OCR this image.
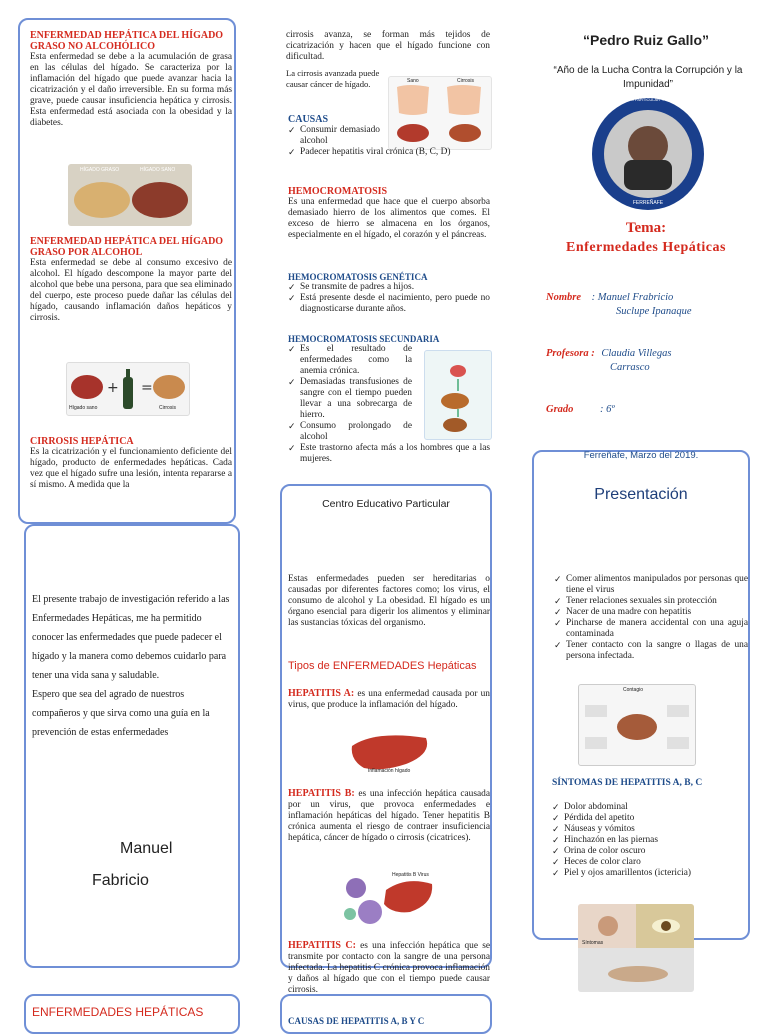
ENFERMEDAD HEPÁTICA DEL HÍGADO GRASO NO ALCOHÓLICO

Esta enfermedad se debe a la acumulación de grasa en las células del hígado. Se caracteriza por la inflamación del hígado que puede avanzar hacia la cicatrización y el daño irreversible. En su forma más grave, puede causar insuficiencia hepática y cirrosis. Esta enfermedad está asociada con la obesidad y la diabetes.

HÍGADO GRASO	HÍGADO SANO
ENFERMEDAD HEPÁTICA DEL HÍGADO GRASO POR ALCOHOL

Esta enfermedad se debe al consumo excesivo de alcohol. El hígado descompone la mayor parte del alcohol que bebe una persona, para que sea eliminado del cuerpo, este proceso puede dañar las células del hígado, causando inflamación daños hepáticos y cirrosis.

+ =
Hígado sano	Cirrosis
CIRROSIS HEPÁTICA

Es la cicatrización y el funcionamiento deficiente del hígado, producto de enfermedades hepáticas. Cada vez que el hígado sufre una lesión, intenta repararse a sí mismo. A medida que la

El presente trabajo de investigación referido a las Enfermedades Hepáticas, me ha permitido conocer las enfermedades que puede padecer el hígado y la manera como debemos cuidarlo para tener una vida sana y saludable.

Espero que sea del agrado de nuestros compañeros y que sirva como una guía en la prevención de estas enfermedades

Manuel
Fabricio
ENFERMEDADES HEPÁTICAS

cirrosis avanza, se forman más tejidos de cicatrización y hacen que el hígado funcione con dificultad.

La cirrosis avanzada puede causar cáncer de hígado.	Sano	Cirrosis
CAUSAS
✓ Consumir demasiado alcohol
✓ Padecer hepatitis viral crónica (B, C, D)
HEMOCROMATOSIS

Es una enfermedad que hace que el cuerpo absorba demasiado hierro de los alimentos que comes. El exceso de hierro se almacena en los órganos, especialmente en el hígado, el corazón y el páncreas.

HEMOCROMATOSIS GENÉTICA
✓ Se transmite de padres a hijos.
✓ Está presente desde el nacimiento, pero puede no diagnosticarse durante años.
HEMOCROMATOSIS SECUNDARIA
✓ Es el resultado de enfermedades como la anemia crónica.
✓ Demasiadas transfusiones de sangre con el tiempo pueden llevar a una sobrecarga de hierro.
✓ Consumo prolongado de alcohol
✓ Este trastorno afecta más a los hombres que a las mujeres.
Centro Educativo Particular

Estas enfermedades pueden ser hereditarias o causadas por diferentes factores como; los virus, el consumo de alcohol y La obesidad. El hígado es un órgano esencial para digerir los alimentos y eliminar las sustancias tóxicas del organismo.

Tipos de ENFERMEDADES Hepáticas

HEPATITIS A: es una enfermedad causada por un virus, que produce la inflamación del hígado.

Inflamación hígado

HEPATITIS B: es una infección hepática causada por un virus, que provoca enfermedades e inflamación hepáticas del hígado. Tener hepatitis B crónica aumenta el riesgo de contraer insuficiencia hepática, cáncer de hígado o cirrosis (cicatrices).

Hepatitis B Virus

HEPATITIS C: es una infección hepática que se transmite por contacto con la sangre de una persona infectada. La hepatitis C crónica provoca inflamación y daños al hígado que con el tiempo puede causar cirrosis.

CAUSAS DE HEPATITIS A, B Y C
“Pedro Ruiz Gallo”
“Año de la Lucha Contra la Corrupción y la Impunidad”
CENTRO EDUCATIVO PARTICULAR "PEDRO RUIZ GALLO"
FERREÑAFE
Tema:
Enfermedades Hepáticas
Nombre : Manuel Frabricio
Suclupe Ipanaque
Profesora : Claudia Villegas
Carrasco
Grado	: 6º
Ferreñafe, Marzo del 2019.
Presentación
✓ Comer alimentos manipulados por personas que tiene el virus
✓ Tener relaciones sexuales sin protección
✓ Nacer de una madre con hepatitis
✓ Pincharse de manera accidental con una aguja contaminada
✓ Tener contacto con la sangre o llagas de una persona infectada.
Contagio
SÍNTOMAS DE HEPATITIS A, B, C
✓ Dolor abdominal
✓ Pérdida del apetito
✓ Náuseas y vómitos
✓ Hinchazón en las piernas
✓ Orina de color oscuro
✓ Heces de color claro
✓ Piel y ojos amarillentos (ictericia)
Síntomas
